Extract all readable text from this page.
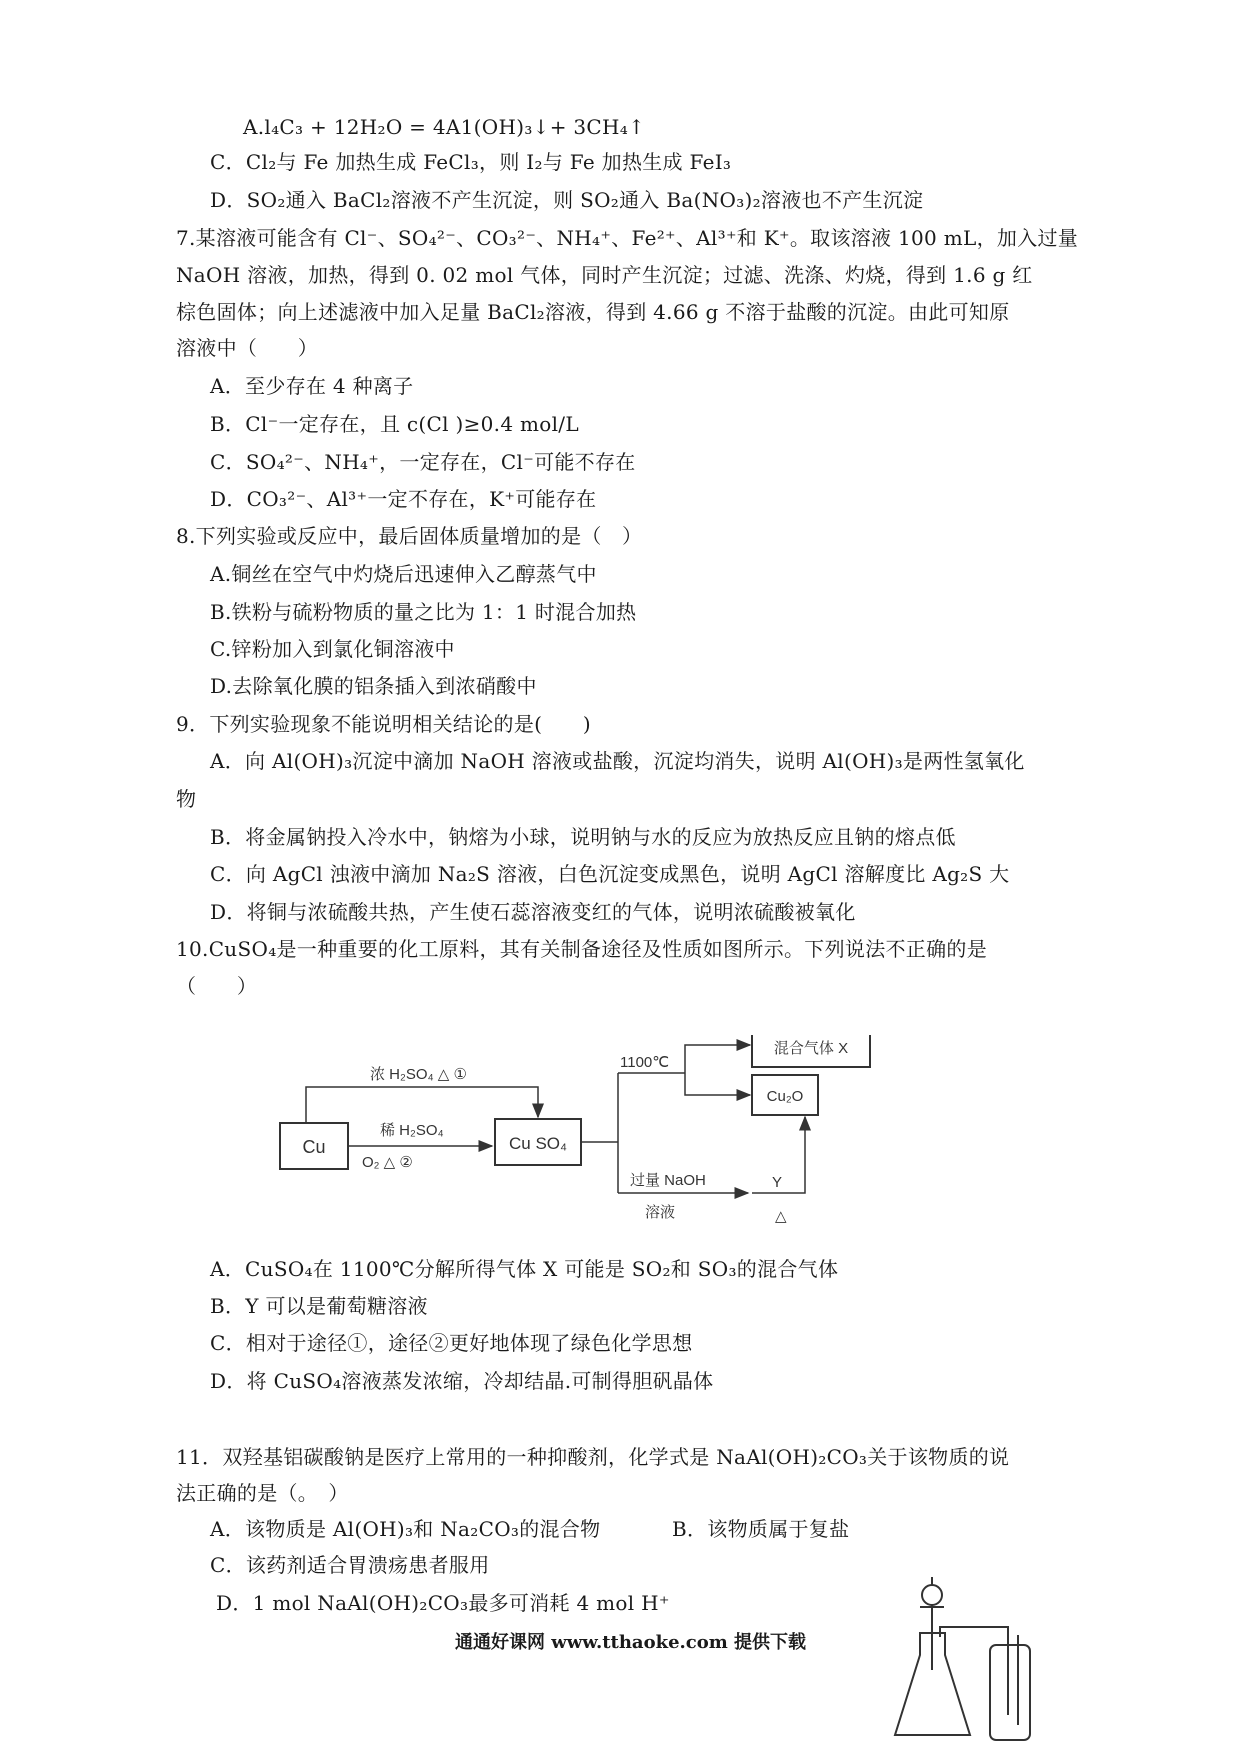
A.l₄C₃ + 12H₂O = 4A1(OH)₃↓+ 3CH₄↑
C．Cl₂与 Fe 加热生成 FeCl₃，则 I₂与 Fe 加热生成 FeI₃
D．SO₂通入 BaCl₂溶液不产生沉淀，则 SO₂通入 Ba(NO₃)₂溶液也不产生沉淀
7.某溶液可能含有 Cl⁻、SO₄²⁻、CO₃²⁻、NH₄⁺、Fe²⁺、Al³⁺和 K⁺。取该溶液 100 mL，加入过量
NaOH 溶液，加热，得到 0. 02 mol 气体，同时产生沉淀；过滤、洗涤、灼烧，得到 1.6 g 红
棕色固体；向上述滤液中加入足量 BaCl₂溶液，得到 4.66 g 不溶于盐酸的沉淀。由此可知原
溶液中（　　）
A．至少存在 4 种离子
B．Cl⁻一定存在，且 c(Cl )≥0.4 mol/L
C．SO₄²⁻、NH₄⁺，一定存在，Cl⁻可能不存在
D．CO₃²⁻、Al³⁺一定不存在，K⁺可能存在
8.下列实验或反应中，最后固体质量增加的是（　）
A.铜丝在空气中灼烧后迅速伸入乙醇蒸气中
B.铁粉与硫粉物质的量之比为 1：1 时混合加热
C.锌粉加入到氯化铜溶液中
D.去除氧化膜的铝条插入到浓硝酸中
9．下列实验现象不能说明相关结论的是(　　)
A．向 Al(OH)₃沉淀中滴加 NaOH 溶液或盐酸，沉淀均消失，说明 Al(OH)₃是两性氢氧化
物
B．将金属钠投入冷水中，钠熔为小球，说明钠与水的反应为放热反应且钠的熔点低
C．向 AgCl 浊液中滴加 Na₂S 溶液，白色沉淀变成黑色，说明 AgCl 溶解度比 Ag₂S 大
D．将铜与浓硫酸共热，产生使石蕊溶液变红的气体，说明浓硫酸被氧化
10.CuSO₄是一种重要的化工原料，其有关制备途径及性质如图所示。下列说法不正确的是
（　　）
Cu	Cu SO₄
浓 H₂SO₄ △ ①
稀 H₂SO₄
O₂ △ ②
1100℃
混合气体 X
Cu₂O
过量 NaOH
溶液
Y
△
A．CuSO₄在 1100℃分解所得气体 X 可能是 SO₂和 SO₃的混合气体
B．Y 可以是葡萄糖溶液
C．相对于途径①，途径②更好地体现了绿色化学思想
D．将 CuSO₄溶液蒸发浓缩，冷却结晶.可制得胆矾晶体
11．双羟基铝碳酸钠是医疗上常用的一种抑酸剂，化学式是 NaAl(OH)₂CO₃关于该物质的说
法正确的是（。　）
A．该物质是 Al(OH)₃和 Na₂CO₃的混合物	B．该物质属于复盐
C．该药剂适合胃溃疡患者服用
D．1 mol NaAl(OH)₂CO₃最多可消耗 4 mol H⁺
通通好课网 www.tthaoke.com 提供下载
